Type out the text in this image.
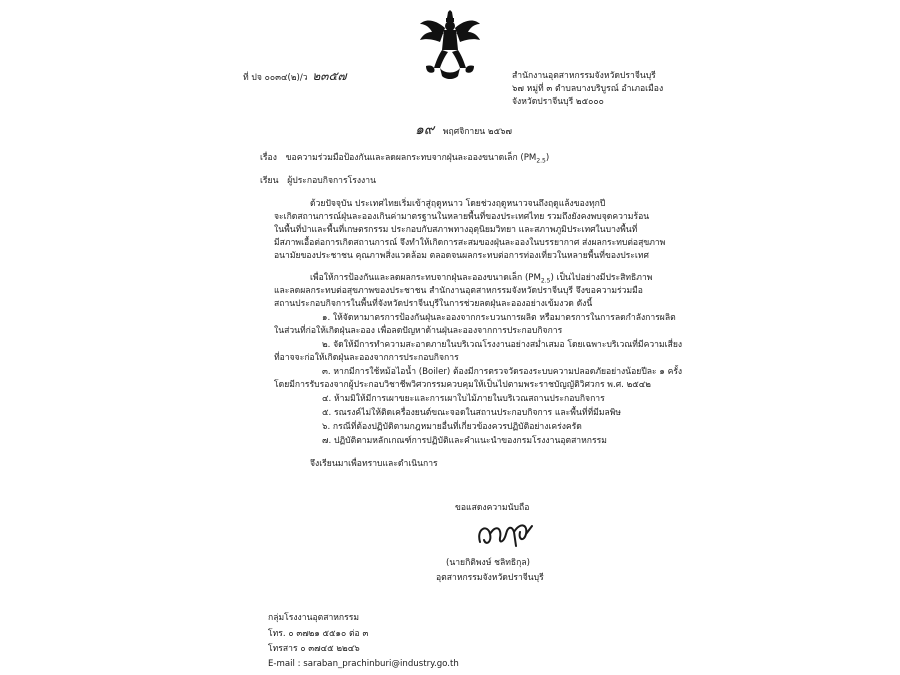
ที่ ปจ ๐๐๓๔(๒)/ว ๒๓๕๗	สำนักงานอุตสาหกรรมจังหวัดปราจีนบุรี
๖๗ หมู่ที่ ๓ ตำบลบางบริบูรณ์ อำเภอเมือง
จังหวัดปราจีนบุรี ๒๕๐๐๐
๑๙ พฤศจิกายน ๒๕๖๗
เรื่อง ขอความร่วมมือป้องกันและลดผลกระทบจากฝุ่นละอองขนาดเล็ก $(PM_{2.5})$
เรียน ผู้ประกอบกิจการโรงงาน
ด้วยปัจจุบัน ประเทศไทยเริ่มเข้าสู่ฤดูหนาว โดยช่วงฤดูหนาวจนถึงฤดูแล้งของทุกปี
จะเกิดสถานการณ์ฝุ่นละอองเกินค่ามาตรฐานในหลายพื้นที่ของประเทศไทย รวมถึงยังคงพบจุดความร้อน
ในพื้นที่ป่าและพื้นที่เกษตรกรรม ประกอบกับสภาพทางอุตุนิยมวิทยา และสภาพภูมิประเทศในบางพื้นที่
มีสภาพเอื้อต่อการเกิดสถานการณ์ จึงทำให้เกิดการสะสมของฝุ่นละอองในบรรยากาศ ส่งผลกระทบต่อสุขภาพ
อนามัยของประชาชน คุณภาพสิ่งแวดล้อม ตลอดจนผลกระทบต่อการท่องเที่ยวในหลายพื้นที่ของประเทศ
เพื่อให้การป้องกันและลดผลกระทบจากฝุ่นละอองขนาดเล็ก $(PM_{2.5})$ เป็นไปอย่างมีประสิทธิภาพ
และลดผลกระทบต่อสุขภาพของประชาชน สำนักงานอุตสาหกรรมจังหวัดปราจีนบุรี จึงขอความร่วมมือ
สถานประกอบกิจการในพื้นที่จังหวัดปราจีนบุรีในการช่วยลดฝุ่นละอองอย่างเข้มงวด ดังนี้
๑. ให้จัดหามาตรการป้องกันฝุ่นละอองจากกระบวนการผลิต หรือมาตรการในการลดกำลังการผลิต
ในส่วนที่ก่อให้เกิดฝุ่นละออง เพื่อลดปัญหาด้านฝุ่นละอองจากการประกอบกิจการ
๒. จัดให้มีการทำความสะอาดภายในบริเวณโรงงานอย่างสม่ำเสมอ โดยเฉพาะบริเวณที่มีความเสี่ยง
ที่อาจจะก่อให้เกิดฝุ่นละอองจากการประกอบกิจการ
๓. หากมีการใช้หม้อไอน้ำ (Boiler) ต้องมีการตรวจวัดรองระบบความปลอดภัยอย่างน้อยปีละ ๑ ครั้ง
โดยมีการรับรองจากผู้ประกอบวิชาชีพวิศวกรรมควบคุมให้เป็นไปตามพระราชบัญญัติวิศวกร พ.ศ. ๒๕๔๒
๔. ห้ามมิให้มีการเผาขยะและการเผาใบไม้ภายในบริเวณสถานประกอบกิจการ
๕. รณรงค์ไม่ให้ติดเครื่องยนต์ขณะจอดในสถานประกอบกิจการ และพื้นที่ที่มีมลพิษ
๖. กรณีที่ต้องปฏิบัติตามกฎหมายอื่นที่เกี่ยวข้องควรปฏิบัติอย่างเคร่งครัด
๗. ปฏิบัติตามหลักเกณฑ์การปฏิบัติและคำแนะนำของกรมโรงงานอุตสาหกรรม
จึงเรียนมาเพื่อทราบและดำเนินการ
ขอแสดงความนับถือ
(นายกิติพงษ์ ชลิทธิกุล)
อุตสาหกรรมจังหวัดปราจีนบุรี
กลุ่มโรงงานอุตสาหกรรม
โทร. ๐ ๓๗๒๑ ๕๕๑๐ ต่อ ๓
โทรสาร ๐ ๓๗๔๕ ๒๒๔๖
E-mail : saraban_prachinburi@industry.go.th
